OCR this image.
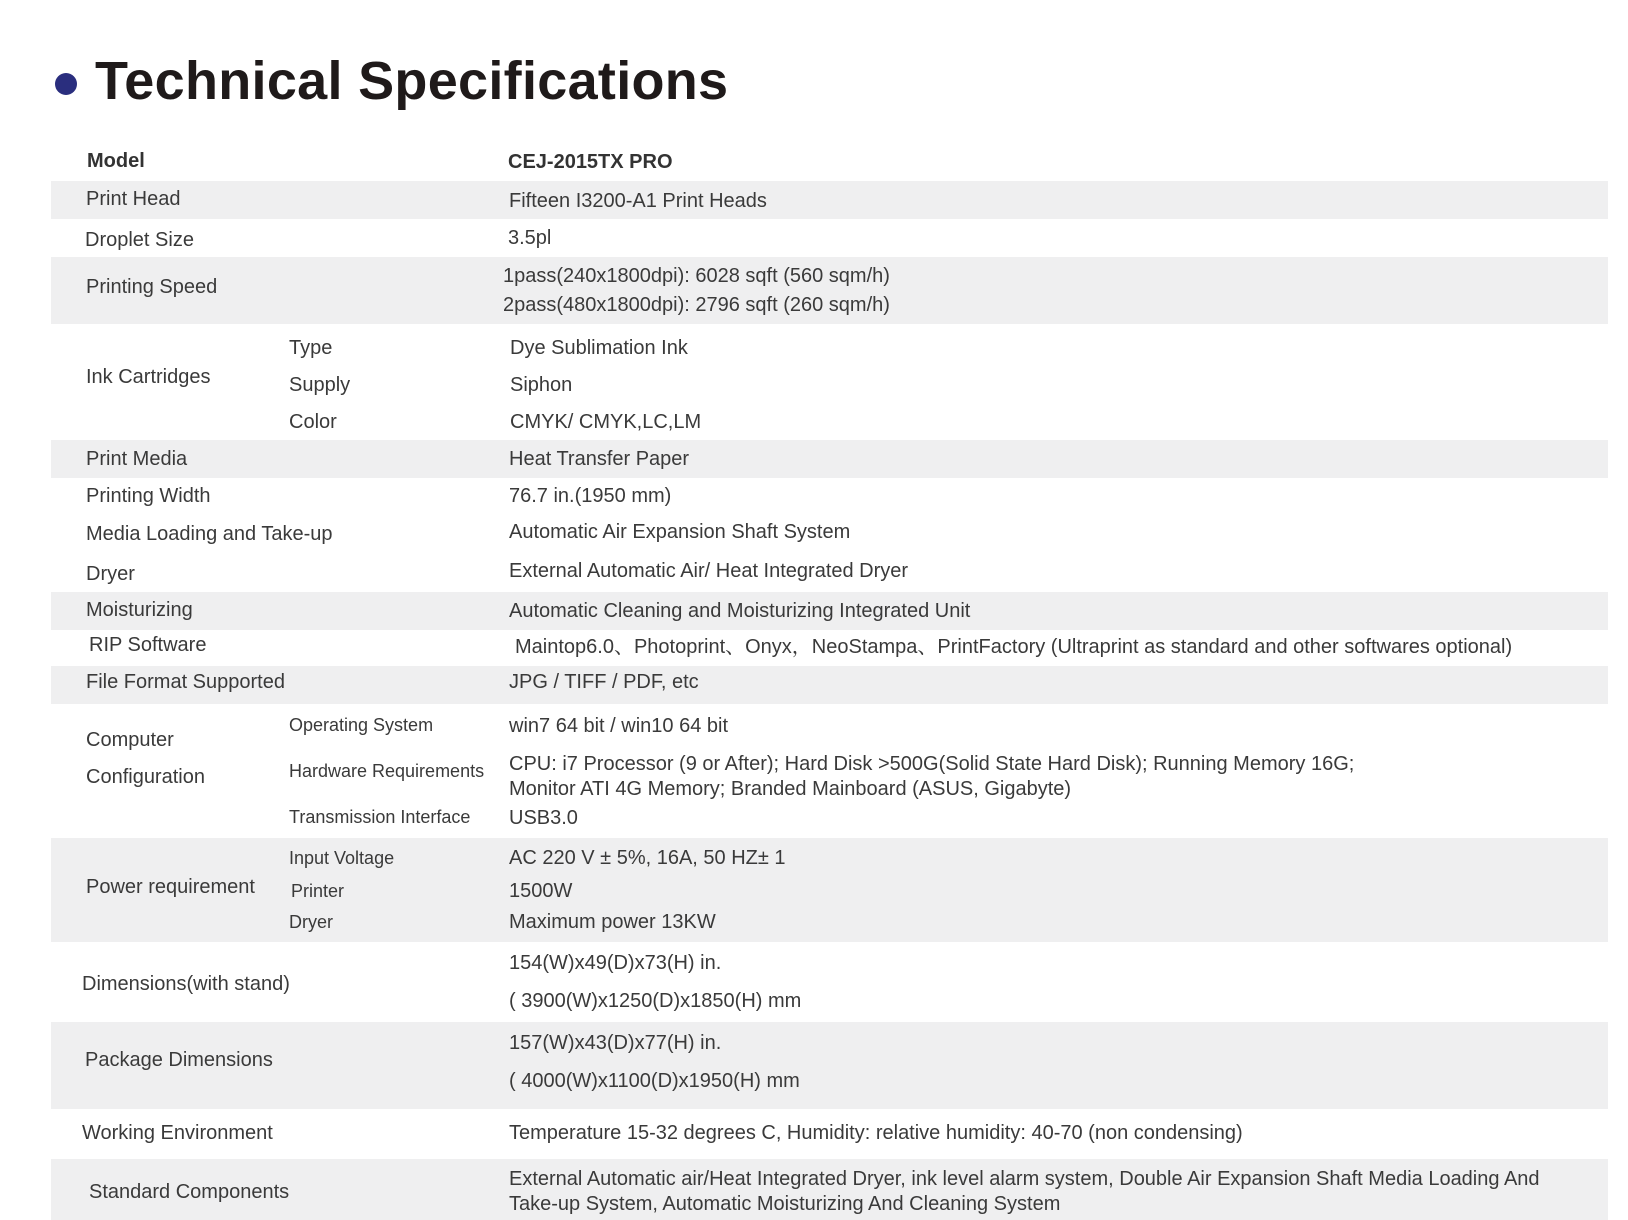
Technical Specifications
Model	CEJ-2015TX PRO
Print Head	Fifteen I3200-A1 Print Heads
Droplet Size	3.5pl
Printing Speed	1pass(240x1800dpi): 6028 sqft (560 sqm/h)
2pass(480x1800dpi): 2796 sqft (260 sqm/h)
Ink Cartridges
Type	Dye Sublimation Ink
Supply	Siphon
Color	CMYK/ CMYK,LC,LM
Print Media	Heat Transfer Paper
Printing Width	76.7 in.(1950 mm)
Media Loading and Take-up	Automatic Air Expansion Shaft System
Dryer	External Automatic Air/ Heat Integrated Dryer
Moisturizing	Automatic Cleaning and Moisturizing Integrated Unit
RIP Software	Maintop6.0、Photoprint、Onyx，NeoStampa、PrintFactory (Ultraprint as standard and other softwares optional)
File Format Supported	JPG / TIFF / PDF, etc
Computer
Configuration
Operating System	win7 64 bit / win10 64 bit
Hardware Requirements CPU: i7 Processor (9 or After); Hard Disk >500G(Solid State Hard Disk); Running Memory 16G;
Monitor ATI 4G Memory; Branded Mainboard (ASUS, Gigabyte)
Transmission Interface USB3.0
Power requirement
Input Voltage	AC 220 V ± 5%, 16A, 50 HZ± 1
Printer	1500W
Dryer	Maximum power 13KW
Dimensions(with stand)
154(W)x49(D)x73(H) in.
( 3900(W)x1250(D)x1850(H) mm
Package Dimensions
157(W)x43(D)x77(H) in.
( 4000(W)x1100(D)x1950(H) mm
Working Environment	Temperature 15-32 degrees C, Humidity: relative humidity: 40-70 (non condensing)
Standard Components
External Automatic air/Heat Integrated Dryer, ink level alarm system, Double Air Expansion Shaft Media Loading And
Take-up System, Automatic Moisturizing And Cleaning System
